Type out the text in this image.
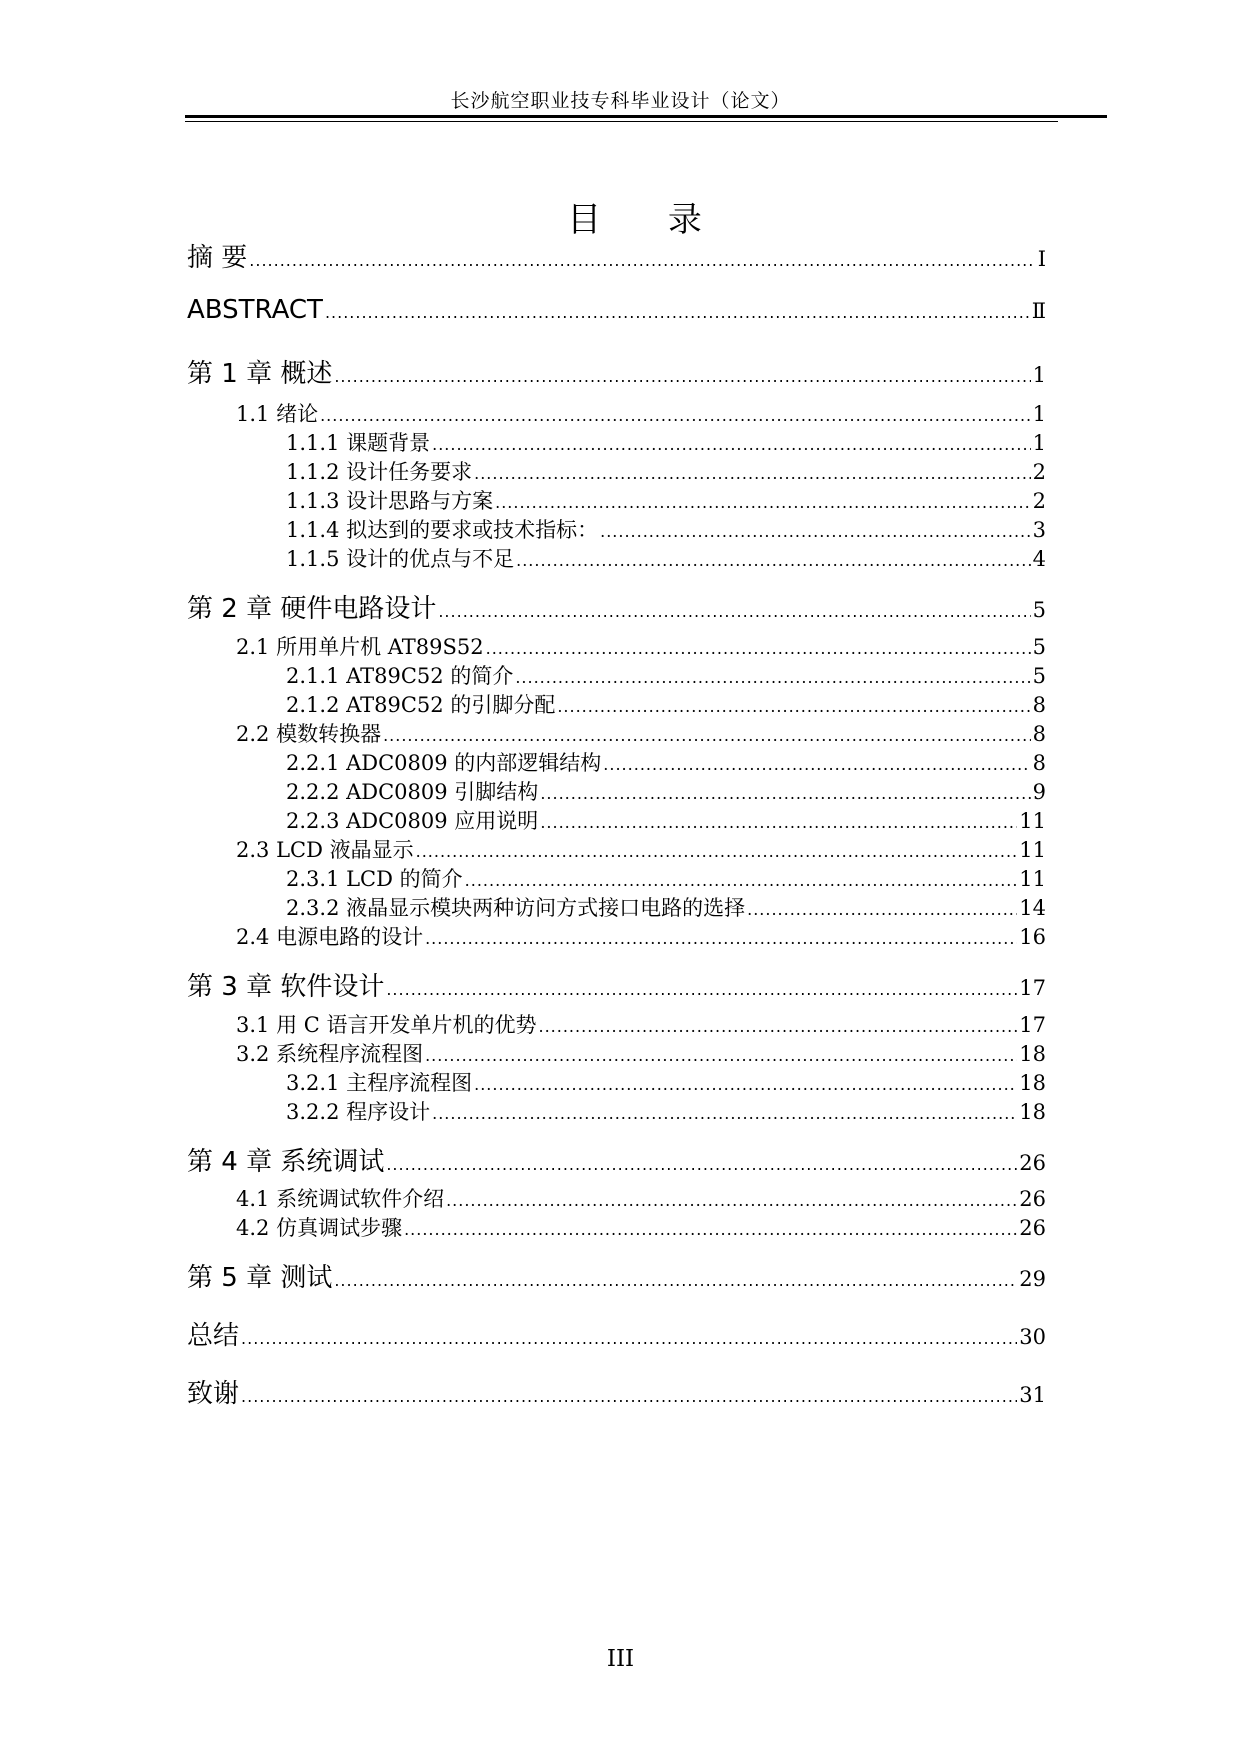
长沙航空职业技专科毕业设计（论文）
目 录
摘 要 .....	Ⅰ
ABSTRACT .....	Ⅱ
第 1 章 概述 .....	1
1.1 绪论 .....	1
1.1.1 课题背景 .....	1
1.1.2 设计任务要求 .....	2
1.1.3 设计思路与方案 .....	2
1.1.4 拟达到的要求或技术指标： .....	3
1.1.5 设计的优点与不足 .....	4
第 2 章 硬件电路设计 .....	5
2.1 所用单片机 AT89S52 .....	5
2.1.1 AT89C52 的简介 .....	5
2.1.2 AT89C52 的引脚分配 .....	8
2.2 模数转换器 .....	8
2.2.1 ADC0809 的内部逻辑结构 .....	8
2.2.2 ADC0809 引脚结构 .....	9
2.2.3 ADC0809 应用说明 .....	11
2.3 LCD 液晶显示 .....	11
2.3.1 LCD 的简介 .....	11
2.3.2 液晶显示模块两种访问方式接口电路的选择 .....	14
2.4 电源电路的设计 .....	16
第 3 章 软件设计 .....	17
3.1 用 C 语言开发单片机的优势 .....	17
3.2 系统程序流程图 .....	18
3.2.1 主程序流程图 .....	18
3.2.2 程序设计 .....	18
第 4 章 系统调试 .....	26
4.1 系统调试软件介绍 .....	26
4.2 仿真调试步骤 .....	26
第 5 章 测试 .....	29
总结 .....	30
致谢 .....	31
III
